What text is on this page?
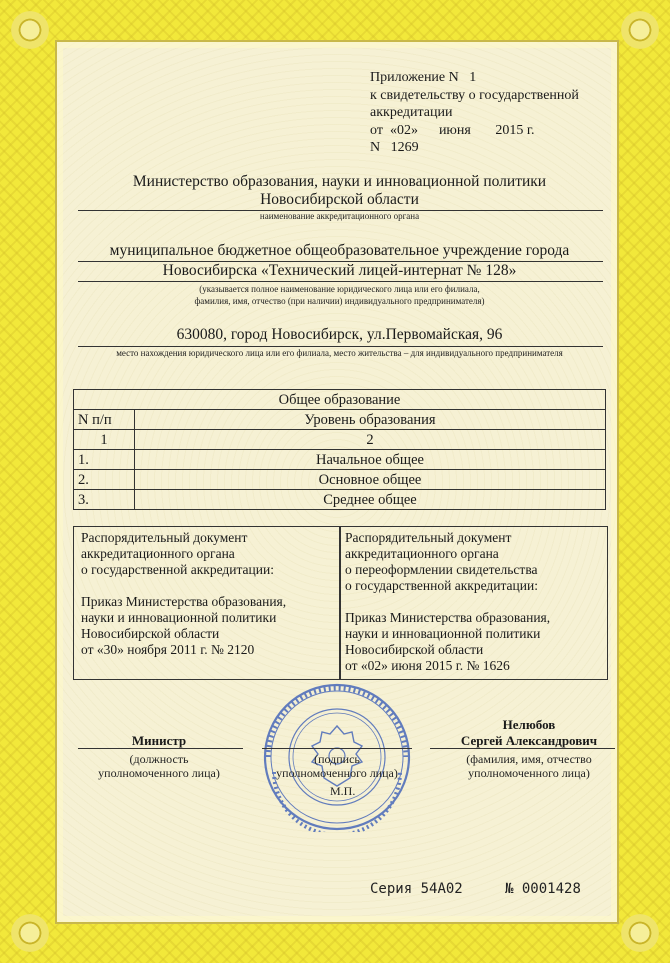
Приложение N 1
к свидетельству о государственной
аккредитации
от «02» июня 2015 г.
N 1269
Министерство образования, науки и инновационной политики
Новосибирской области
наименование аккредитационного органа
муниципальное бюджетное общеобразовательное учреждение города
Новосибирска «Технический лицей-интернат № 128»
(указывается полное наименование юридического лица или его филиала,
фамилия, имя, отчество (при наличии) индивидуального предпринимателя)
630080, город Новосибирск, ул.Первомайская, 96
место нахождения юридического лица или его филиала, место жительства – для индивидуального предпринимателя
Общее образование	
N п/п	Уровень образования
1	2
1.	Начальное общее
2.	Основное общее
3.	Среднее общее
Распорядительный документ
аккредитационного органа
о государственной аккредитации:
Приказ Министерства образования,
науки и инновационной политики
Новосибирской области
от «30» ноября 2011 г. № 2120
Распорядительный документ
аккредитационного органа
о переоформлении свидетельства
о государственной аккредитации:
Приказ Министерства образования,
науки и инновационной политики
Новосибирской области
от «02» июня 2015 г. № 1626
Министр
(должность
уполномоченного лица)
(подпись
уполномоченного лица)
М.П.
Нелюбов
Сергей Александрович
(фамилия, имя, отчество
уполномоченного лица)
Серия 54А02	№ 0001428
